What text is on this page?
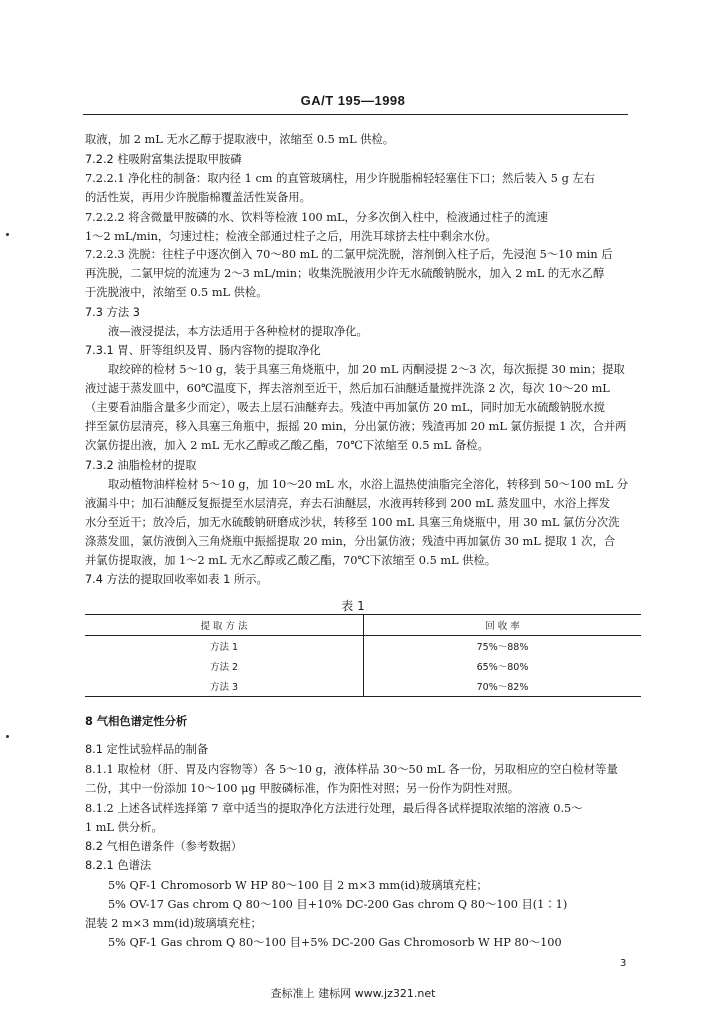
GA/T 195—1998
取液，加 2 mL 无水乙醇于提取液中，浓缩至 0.5 mL 供检。
7.2.2 柱吸附富集法提取甲胺磷
7.2.2.1 净化柱的制备：取内径 1 cm 的直管玻璃柱，用少许脱脂棉轻轻塞住下口；然后装入 5 g 左右
的活性炭，再用少许脱脂棉覆盖活性炭备用。
7.2.2.2 将含微量甲胺磷的水、饮料等检液 100 mL，分多次倒入柱中，检液通过柱子的流速
1～2 mL/min，匀速过柱；检液全部通过柱子之后，用洗耳球挤去柱中剩余水份。
7.2.2.3 洗脱：往柱子中逐次倒入 70～80 mL 的二氯甲烷洗脱，溶剂倒入柱子后，先浸泡 5～10 min 后
再洗脱，二氯甲烷的流速为 2～3 mL/min；收集洗脱液用少许无水硫酸钠脱水，加入 2 mL 的无水乙醇
于洗脱液中，浓缩至 0.5 mL 供检。
7.3 方法 3
液—液浸提法，本方法适用于各种检材的提取净化。
7.3.1 胃、肝等组织及胃、肠内容物的提取净化
取绞碎的检材 5～10 g，装于具塞三角烧瓶中，加 20 mL 丙酮浸提 2～3 次，每次振提 30 min；提取
液过滤于蒸发皿中，60℃温度下，挥去溶剂至近干，然后加石油醚适量搅拌洗涤 2 次，每次 10～20 mL
（主要看油脂含量多少而定），吸去上层石油醚弃去。残渣中再加氯仿 20 mL，同时加无水硫酸钠脱水搅
拌至氯仿层清亮，移入具塞三角瓶中，振摇 20 min，分出氯仿液；残渣再加 20 mL 氯仿振提 1 次，合并两
次氯仿提出液，加入 2 mL 无水乙醇或乙酸乙酯，70℃下浓缩至 0.5 mL 备检。
7.3.2 油脂检材的提取
取动植物油样检材 5～10 g，加 10～20 mL 水，水浴上温热使油脂完全溶化，转移到 50～100 mL 分
液漏斗中；加石油醚反复振提至水层清亮，弃去石油醚层，水液再转移到 200 mL 蒸发皿中，水浴上挥发
水分至近干；放冷后，加无水硫酸钠研磨成沙状，转移至 100 mL 具塞三角烧瓶中，用 30 mL 氯仿分次洗
涤蒸发皿，氯仿液倒入三角烧瓶中振摇提取 20 min，分出氯仿液；残渣中再加氯仿 30 mL 提取 1 次，合
并氯仿提取液，加 1～2 mL 无水乙醇或乙酸乙酯，70℃下浓缩至 0.5 mL 供检。
7.4 方法的提取回收率如表 1 所示。
表 1
提 取 方 法	回 收 率
方法 1	75%～88%
方法 2	65%～80%
方法 3	70%～82%
8 气相色谱定性分析
8.1 定性试验样品的制备
8.1.1 取检材（肝、胃及内容物等）各 5～10 g，液体样品 30～50 mL 各一份，另取相应的空白检材等量
二份，其中一份添加 10～100 μg 甲胺磷标准，作为阳性对照；另一份作为阴性对照。
8.1.2 上述各试样选择第 7 章中适当的提取净化方法进行处理，最后得各试样提取浓缩的溶液 0.5～
1 mL 供分析。
8.2 气相色谱条件（参考数据）
8.2.1 色谱法
5% QF-1 Chromosorb W HP 80～100 目 2 m×3 mm(id)玻璃填充柱；
5% OV-17 Gas chrom Q 80～100 目+10% DC-200 Gas chrom Q 80～100 目(1∶1)
混装 2 m×3 mm(id)玻璃填充柱；
5% QF-1 Gas chrom Q 80～100 目+5% DC-200 Gas Chromosorb W HP 80～100
3
查标准上 建标网 www.jz321.net
